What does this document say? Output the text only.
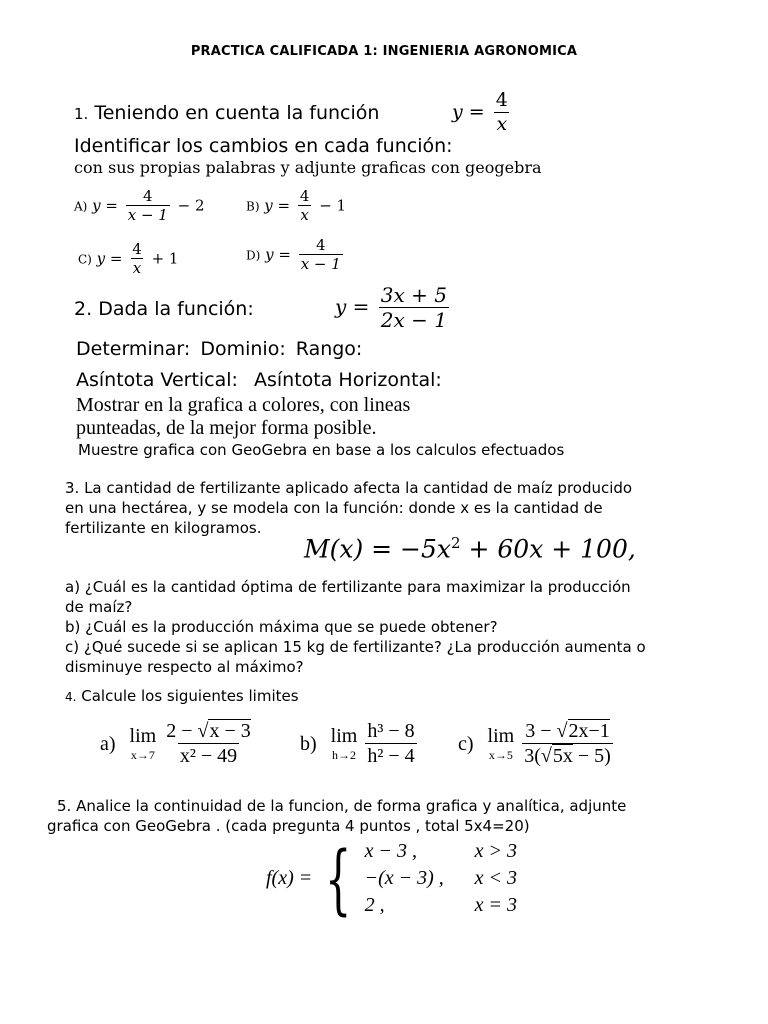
PRACTICA CALIFICADA 1: INGENIERIA AGRONOMICA
1. Teniendo en cuenta la función	$y = \frac{4}{x}$
Identificar los cambios en cada función:
con sus propias palabras y adjunte graficas con geogebra
A) $y = \frac{4}{x - 1} - 2$	B) $y = \frac{4}{x} - 1$
C) $y = \frac{4}{x} + 1$	D) $y = \frac{4}{x - 1}$
2. Dada la función:	$y = \frac{3x + 5}{2x - 1}$
Determinar: Dominio: Rango:
Asíntota Vertical: Asíntota Horizontal:
Mostrar en la grafica a colores, con lineas
punteadas, de la mejor forma posible.
Muestre grafica con GeoGebra en base a los calculos efectuados
3. La cantidad de fertilizante aplicado afecta la cantidad de maíz producido
en una hectárea, y se modela con la función: donde x es la cantidad de
fertilizante en kilogramos.
$M(x) = -5x^2 + 60x + 100$,
a) ¿Cuál es la cantidad óptima de fertilizante para maximizar la producción
de maíz?
b) ¿Cuál es la producción máxima que se puede obtener?
c) ¿Qué sucede si se aplican 15 kg de fertilizante? ¿La producción aumenta o
disminuye respecto al máximo?
4. Calcule los siguientes limites
a) lim
$x\to 7 \frac{2 - √x - 3}{\text{x² − 49}} b$) lim
$h\to 2 \frac{\text{h³ − 8}}{\text{h² − 4}} c$) lim
$x\to 5 \frac{3 - √2x-1}{3(√5x - 5)}$
5. Analice la continuidad de la funcion, de forma grafica y analítica, adjunte
grafica con GeoGebra . (cada pregunta 4 puntos , total 5x4=20)
f(x) = { x − 3 ,	x > 3
−(x − 3) ,	x < 3
2 ,	x = 3
